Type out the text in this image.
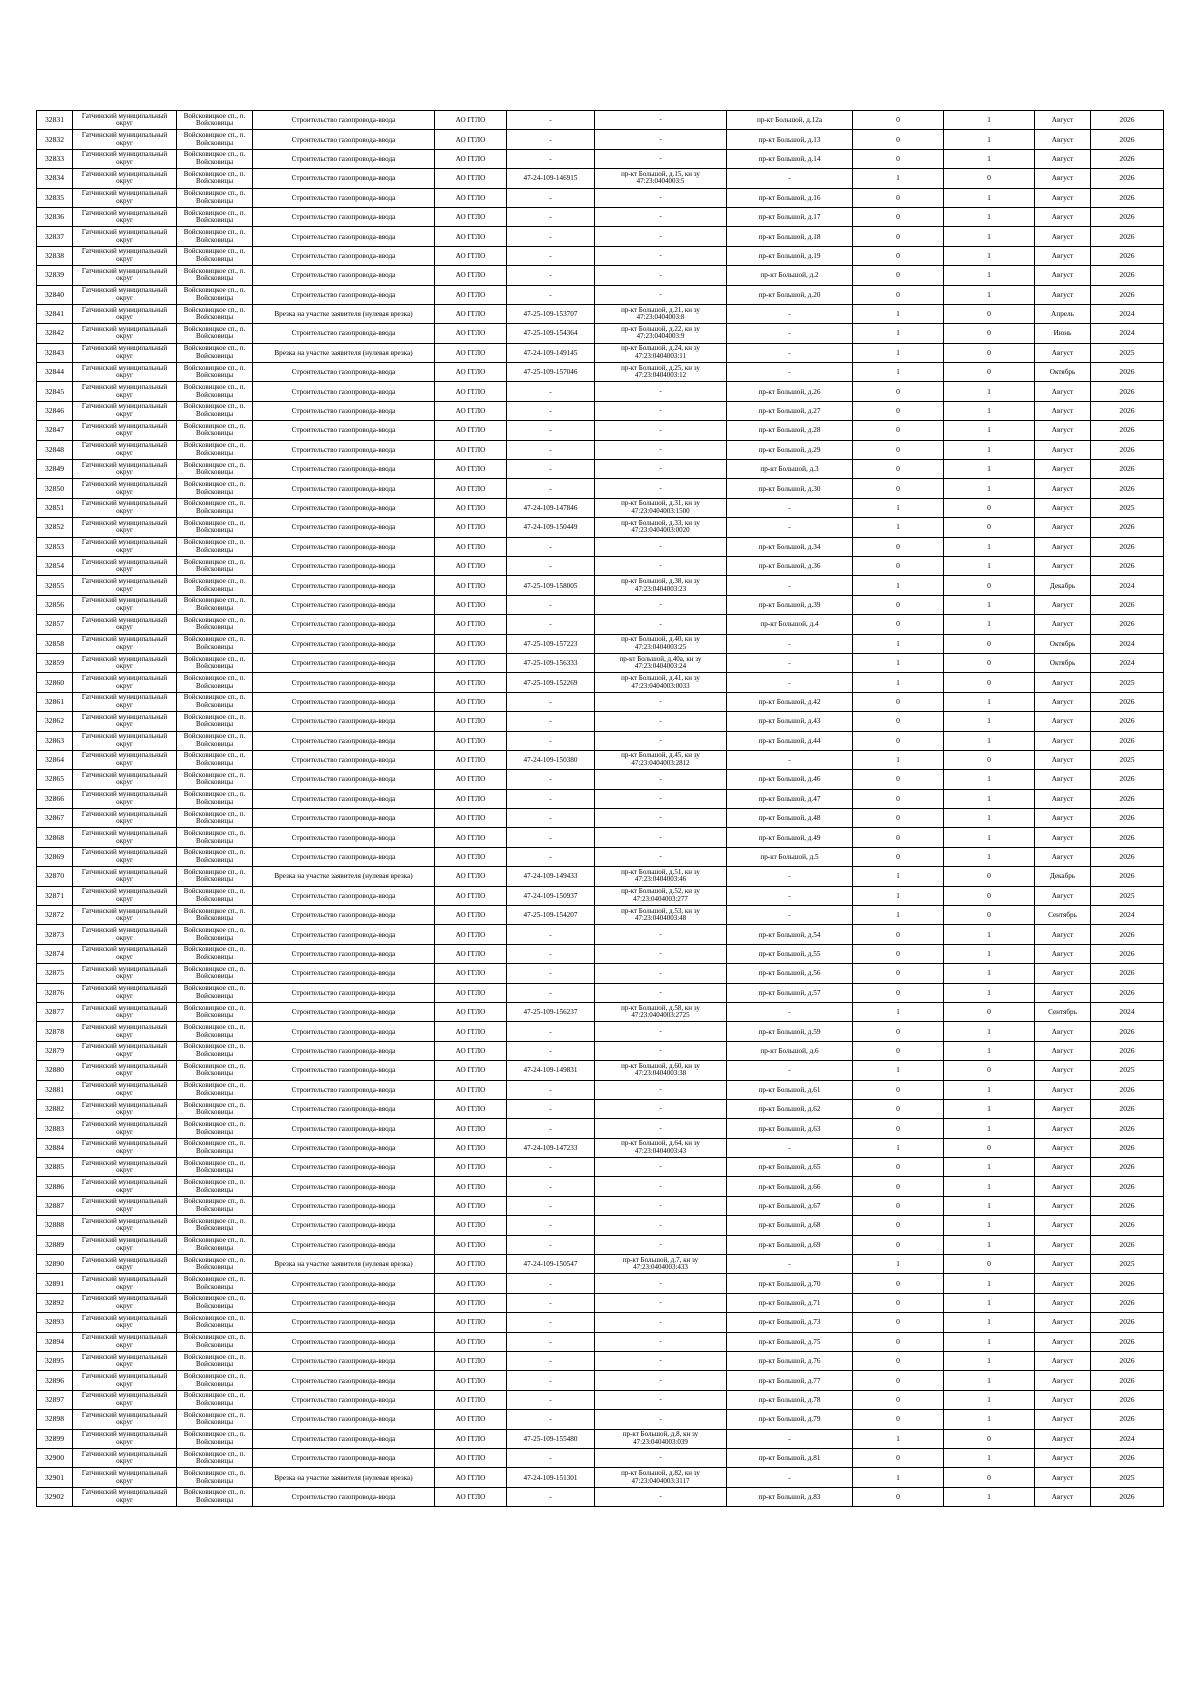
32831	Гатчинский муниципальный округ	Войсковицкое сп., п. Войсковицы	Строительство газопровода-ввода	АО ГГЛО	-	-	пр-кт Большой, д.12а	0	1	Август	2026
32832	Гатчинский муниципальный округ	Войсковицкое сп., п. Войсковицы	Строительство газопровода-ввода	АО ГГЛО	-	-	пр-кт Большой, д.13	0	1	Август	2026
32833	Гатчинский муниципальный округ	Войсковицкое сп., п. Войсковицы	Строительство газопровода-ввода	АО ГГЛО	-	-	пр-кт Большой, д.14	0	1	Август	2026
32834	Гатчинский муниципальный округ	Войсковицкое сп., п. Войсковицы	Строительство газопровода-ввода	АО ГГЛО	47-24-109-146915	пр-кт Большой, д.15, кн зу 47:23:0404003:5	-	1	0	Август	2026
32835	Гатчинский муниципальный округ	Войсковицкое сп., п. Войсковицы	Строительство газопровода-ввода	АО ГГЛО	-	-	пр-кт Большой, д.16	0	1	Август	2026
32836	Гатчинский муниципальный округ	Войсковицкое сп., п. Войсковицы	Строительство газопровода-ввода	АО ГГЛО	-	-	пр-кт Большой, д.17	0	1	Август	2026
32837	Гатчинский муниципальный округ	Войсковицкое сп., п. Войсковицы	Строительство газопровода-ввода	АО ГГЛО	-	-	пр-кт Большой, д.18	0	1	Август	2026
32838	Гатчинский муниципальный округ	Войсковицкое сп., п. Войсковицы	Строительство газопровода-ввода	АО ГГЛО	-	-	пр-кт Большой, д.19	0	1	Август	2026
32839	Гатчинский муниципальный округ	Войсковицкое сп., п. Войсковицы	Строительство газопровода-ввода	АО ГГЛО	-	-	пр-кт Большой, д.2	0	1	Август	2026
32840	Гатчинский муниципальный округ	Войсковицкое сп., п. Войсковицы	Строительство газопровода-ввода	АО ГГЛО	-	-	пр-кт Большой, д.20	0	1	Август	2026
32841	Гатчинский муниципальный округ	Войсковицкое сп., п. Войсковицы	Врезка на участке заявителя (нулевая врезка)	АО ГГЛО	47-25-109-153707	пр-кт Большой, д.21, кн зу 47:23:0404003:8	-	1	0	Апрель	2024
32842	Гатчинский муниципальный округ	Войсковицкое сп., п. Войсковицы	Строительство газопровода-ввода	АО ГГЛО	47-25-109-154364	пр-кт Большой, д.22, кн зу 47:23:0404003:9	-	1	0	Июнь	2024
32843	Гатчинский муниципальный округ	Войсковицкое сп., п. Войсковицы	Врезка на участке заявителя (нулевая врезка)	АО ГГЛО	47-24-109-149145	пр-кт Большой, д.24, кн зу 47:23:0404003:11	-	1	0	Август	2025
32844	Гатчинский муниципальный округ	Войсковицкое сп., п. Войсковицы	Строительство газопровода-ввода	АО ГГЛО	47-25-109-157046	пр-кт Большой, д.25, кн зу 47:23:0404003:12	-	1	0	Октябрь	2026
32845	Гатчинский муниципальный округ	Войсковицкое сп., п. Войсковицы	Строительство газопровода-ввода	АО ГГЛО	-	-	пр-кт Большой, д.26	0	1	Август	2026
32846	Гатчинский муниципальный округ	Войсковицкое сп., п. Войсковицы	Строительство газопровода-ввода	АО ГГЛО	-	-	пр-кт Большой, д.27	0	1	Август	2026
32847	Гатчинский муниципальный округ	Войсковицкое сп., п. Войсковицы	Строительство газопровода-ввода	АО ГГЛО	-	-	пр-кт Большой, д.28	0	1	Август	2026
32848	Гатчинский муниципальный округ	Войсковицкое сп., п. Войсковицы	Строительство газопровода-ввода	АО ГГЛО	-	-	пр-кт Большой, д.29	0	1	Август	2026
32849	Гатчинский муниципальный округ	Войсковицкое сп., п. Войсковицы	Строительство газопровода-ввода	АО ГГЛО	-	-	пр-кт Большой, д.3	0	1	Август	2026
32850	Гатчинский муниципальный округ	Войсковицкое сп., п. Войсковицы	Строительство газопровода-ввода	АО ГГЛО	-	-	пр-кт Большой, д.30	0	1	Август	2026
32851	Гатчинский муниципальный округ	Войсковицкое сп., п. Войсковицы	Строительство газопровода-ввода	АО ГГЛО	47-24-109-147846	пр-кт Большой, д.31, кн зу 47:23:0404003:1500	-	1	0	Август	2025
32852	Гатчинский муниципальный округ	Войсковицкое сп., п. Войсковицы	Строительство газопровода-ввода	АО ГГЛО	47-24-109-150449	пр-кт Большой, д.33, кн зу 47:23:0404003:0020	-	1	0	Август	2026
32853	Гатчинский муниципальный округ	Войсковицкое сп., п. Войсковицы	Строительство газопровода-ввода	АО ГГЛО	-	-	пр-кт Большой, д.34	0	1	Август	2026
32854	Гатчинский муниципальный округ	Войсковицкое сп., п. Войсковицы	Строительство газопровода-ввода	АО ГГЛО	-	-	пр-кт Большой, д.36	0	1	Август	2026
32855	Гатчинский муниципальный округ	Войсковицкое сп., п. Войсковицы	Строительство газопровода-ввода	АО ГГЛО	47-25-109-158005	пр-кт Большой, д.38, кн зу 47:23:0404003:23	-	1	0	Декабрь	2024
32856	Гатчинский муниципальный округ	Войсковицкое сп., п. Войсковицы	Строительство газопровода-ввода	АО ГГЛО	-	-	пр-кт Большой, д.39	0	1	Август	2026
32857	Гатчинский муниципальный округ	Войсковицкое сп., п. Войсковицы	Строительство газопровода-ввода	АО ГГЛО	-	-	пр-кт Большой, д.4	0	1	Август	2026
32858	Гатчинский муниципальный округ	Войсковицкое сп., п. Войсковицы	Строительство газопровода-ввода	АО ГГЛО	47-25-109-157223	пр-кт Большой, д.40, кн зу 47:23:0404003:25	-	1	0	Октябрь	2024
32859	Гатчинский муниципальный округ	Войсковицкое сп., п. Войсковицы	Строительство газопровода-ввода	АО ГГЛО	47-25-109-156333	пр-кт Большой, д.40а, кн зу 47:23:0404003:24	-	1	0	Октябрь	2024
32860	Гатчинский муниципальный округ	Войсковицкое сп., п. Войсковицы	Строительство газопровода-ввода	АО ГГЛО	47-25-109-152269	пр-кт Большой, д.41, кн зу 47:23:0404003:0033	-	1	0	Август	2025
32861	Гатчинский муниципальный округ	Войсковицкое сп., п. Войсковицы	Строительство газопровода-ввода	АО ГГЛО	-	-	пр-кт Большой, д.42	0	1	Август	2026
32862	Гатчинский муниципальный округ	Войсковицкое сп., п. Войсковицы	Строительство газопровода-ввода	АО ГГЛО	-	-	пр-кт Большой, д.43	0	1	Август	2026
32863	Гатчинский муниципальный округ	Войсковицкое сп., п. Войсковицы	Строительство газопровода-ввода	АО ГГЛО	-	-	пр-кт Большой, д.44	0	1	Август	2026
32864	Гатчинский муниципальный округ	Войсковицкое сп., п. Войсковицы	Строительство газопровода-ввода	АО ГГЛО	47-24-109-150380	пр-кт Большой, д.45, кн зу 47:23:0404003:2812	-	1	0	Август	2025
32865	Гатчинский муниципальный округ	Войсковицкое сп., п. Войсковицы	Строительство газопровода-ввода	АО ГГЛО	-	-	пр-кт Большой, д.46	0	1	Август	2026
32866	Гатчинский муниципальный округ	Войсковицкое сп., п. Войсковицы	Строительство газопровода-ввода	АО ГГЛО	-	-	пр-кт Большой, д.47	0	1	Август	2026
32867	Гатчинский муниципальный округ	Войсковицкое сп., п. Войсковицы	Строительство газопровода-ввода	АО ГГЛО	-	-	пр-кт Большой, д.48	0	1	Август	2026
32868	Гатчинский муниципальный округ	Войсковицкое сп., п. Войсковицы	Строительство газопровода-ввода	АО ГГЛО	-	-	пр-кт Большой, д.49	0	1	Август	2026
32869	Гатчинский муниципальный округ	Войсковицкое сп., п. Войсковицы	Строительство газопровода-ввода	АО ГГЛО	-	-	пр-кт Большой, д.5	0	1	Август	2026
32870	Гатчинский муниципальный округ	Войсковицкое сп., п. Войсковицы	Врезка на участке заявителя (нулевая врезка)	АО ГГЛО	47-24-109-149433	пр-кт Большой, д.51, кн зу 47:23:0404003:46	-	1	0	Декабрь	2026
32871	Гатчинский муниципальный округ	Войсковицкое сп., п. Войсковицы	Строительство газопровода-ввода	АО ГГЛО	47-24-109-150937	пр-кт Большой, д.52, кн зу 47:23:0404003:277	-	1	0	Август	2025
32872	Гатчинский муниципальный округ	Войсковицкое сп., п. Войсковицы	Строительство газопровода-ввода	АО ГГЛО	47-25-109-154207	пр-кт Большой, д.53, кн зу 47:23:0404003:48	-	1	0	Сентябрь	2024
32873	Гатчинский муниципальный округ	Войсковицкое сп., п. Войсковицы	Строительство газопровода-ввода	АО ГГЛО	-	-	пр-кт Большой, д.54	0	1	Август	2026
32874	Гатчинский муниципальный округ	Войсковицкое сп., п. Войсковицы	Строительство газопровода-ввода	АО ГГЛО	-	-	пр-кт Большой, д.55	0	1	Август	2026
32875	Гатчинский муниципальный округ	Войсковицкое сп., п. Войсковицы	Строительство газопровода-ввода	АО ГГЛО	-	-	пр-кт Большой, д.56	0	1	Август	2026
32876	Гатчинский муниципальный округ	Войсковицкое сп., п. Войсковицы	Строительство газопровода-ввода	АО ГГЛО	-	-	пр-кт Большой, д.57	0	1	Август	2026
32877	Гатчинский муниципальный округ	Войсковицкое сп., п. Войсковицы	Строительство газопровода-ввода	АО ГГЛО	47-25-109-156237	пр-кт Большой, д.58, кн зу 47:23:0404003:2725	-	1	0	Сентябрь	2024
32878	Гатчинский муниципальный округ	Войсковицкое сп., п. Войсковицы	Строительство газопровода-ввода	АО ГГЛО	-	-	пр-кт Большой, д.59	0	1	Август	2026
32879	Гатчинский муниципальный округ	Войсковицкое сп., п. Войсковицы	Строительство газопровода-ввода	АО ГГЛО	-	-	пр-кт Большой, д.6	0	1	Август	2026
32880	Гатчинский муниципальный округ	Войсковицкое сп., п. Войсковицы	Строительство газопровода-ввода	АО ГГЛО	47-24-109-149831	пр-кт Большой, д.60, кн зу 47:23:0404003:38	-	1	0	Август	2025
32881	Гатчинский муниципальный округ	Войсковицкое сп., п. Войсковицы	Строительство газопровода-ввода	АО ГГЛО	-	-	пр-кт Большой, д.61	0	1	Август	2026
32882	Гатчинский муниципальный округ	Войсковицкое сп., п. Войсковицы	Строительство газопровода-ввода	АО ГГЛО	-	-	пр-кт Большой, д.62	0	1	Август	2026
32883	Гатчинский муниципальный округ	Войсковицкое сп., п. Войсковицы	Строительство газопровода-ввода	АО ГГЛО	-	-	пр-кт Большой, д.63	0	1	Август	2026
32884	Гатчинский муниципальный округ	Войсковицкое сп., п. Войсковицы	Строительство газопровода-ввода	АО ГГЛО	47-24-109-147233	пр-кт Большой, д.64, кн зу 47:23:0404003:43	-	1	0	Август	2026
32885	Гатчинский муниципальный округ	Войсковицкое сп., п. Войсковицы	Строительство газопровода-ввода	АО ГГЛО	-	-	пр-кт Большой, д.65	0	1	Август	2026
32886	Гатчинский муниципальный округ	Войсковицкое сп., п. Войсковицы	Строительство газопровода-ввода	АО ГГЛО	-	-	пр-кт Большой, д.66	0	1	Август	2026
32887	Гатчинский муниципальный округ	Войсковицкое сп., п. Войсковицы	Строительство газопровода-ввода	АО ГГЛО	-	-	пр-кт Большой, д.67	0	1	Август	2026
32888	Гатчинский муниципальный округ	Войсковицкое сп., п. Войсковицы	Строительство газопровода-ввода	АО ГГЛО	-	-	пр-кт Большой, д.68	0	1	Август	2026
32889	Гатчинский муниципальный округ	Войсковицкое сп., п. Войсковицы	Строительство газопровода-ввода	АО ГГЛО	-	-	пр-кт Большой, д.69	0	1	Август	2026
32890	Гатчинский муниципальный округ	Войсковицкое сп., п. Войсковицы	Врезка на участке заявителя (нулевая врезка)	АО ГГЛО	47-24-109-150547	пр-кт Большой, д.7, кн зу 47:23:0404003:433	-	1	0	Август	2025
32891	Гатчинский муниципальный округ	Войсковицкое сп., п. Войсковицы	Строительство газопровода-ввода	АО ГГЛО	-	-	пр-кт Большой, д.70	0	1	Август	2026
32892	Гатчинский муниципальный округ	Войсковицкое сп., п. Войсковицы	Строительство газопровода-ввода	АО ГГЛО	-	-	пр-кт Большой, д.71	0	1	Август	2026
32893	Гатчинский муниципальный округ	Войсковицкое сп., п. Войсковицы	Строительство газопровода-ввода	АО ГГЛО	-	-	пр-кт Большой, д.73	0	1	Август	2026
32894	Гатчинский муниципальный округ	Войсковицкое сп., п. Войсковицы	Строительство газопровода-ввода	АО ГГЛО	-	-	пр-кт Большой, д.75	0	1	Август	2026
32895	Гатчинский муниципальный округ	Войсковицкое сп., п. Войсковицы	Строительство газопровода-ввода	АО ГГЛО	-	-	пр-кт Большой, д.76	0	1	Август	2026
32896	Гатчинский муниципальный округ	Войсковицкое сп., п. Войсковицы	Строительство газопровода-ввода	АО ГГЛО	-	-	пр-кт Большой, д.77	0	1	Август	2026
32897	Гатчинский муниципальный округ	Войсковицкое сп., п. Войсковицы	Строительство газопровода-ввода	АО ГГЛО	-	-	пр-кт Большой, д.78	0	1	Август	2026
32898	Гатчинский муниципальный округ	Войсковицкое сп., п. Войсковицы	Строительство газопровода-ввода	АО ГГЛО	-	-	пр-кт Большой, д.79	0	1	Август	2026
32899	Гатчинский муниципальный округ	Войсковицкое сп., п. Войсковицы	Строительство газопровода-ввода	АО ГГЛО	47-25-109-155480	пр-кт Большой, д.8, кн зу 47:23:0404003:039	-	1	0	Август	2024
32900	Гатчинский муниципальный округ	Войсковицкое сп., п. Войсковицы	Строительство газопровода-ввода	АО ГГЛО	-	-	пр-кт Большой, д.81	0	1	Август	2026
32901	Гатчинский муниципальный округ	Войсковицкое сп., п. Войсковицы	Врезка на участке заявителя (нулевая врезка)	АО ГГЛО	47-24-109-151301	пр-кт Большой, д.82, кн зу 47:23:0404003:3117	-	1	0	Август	2025
32902	Гатчинский муниципальный округ	Войсковицкое сп., п. Войсковицы	Строительство газопровода-ввода	АО ГГЛО	-	-	пр-кт Большой, д.83	0	1	Август	2026
